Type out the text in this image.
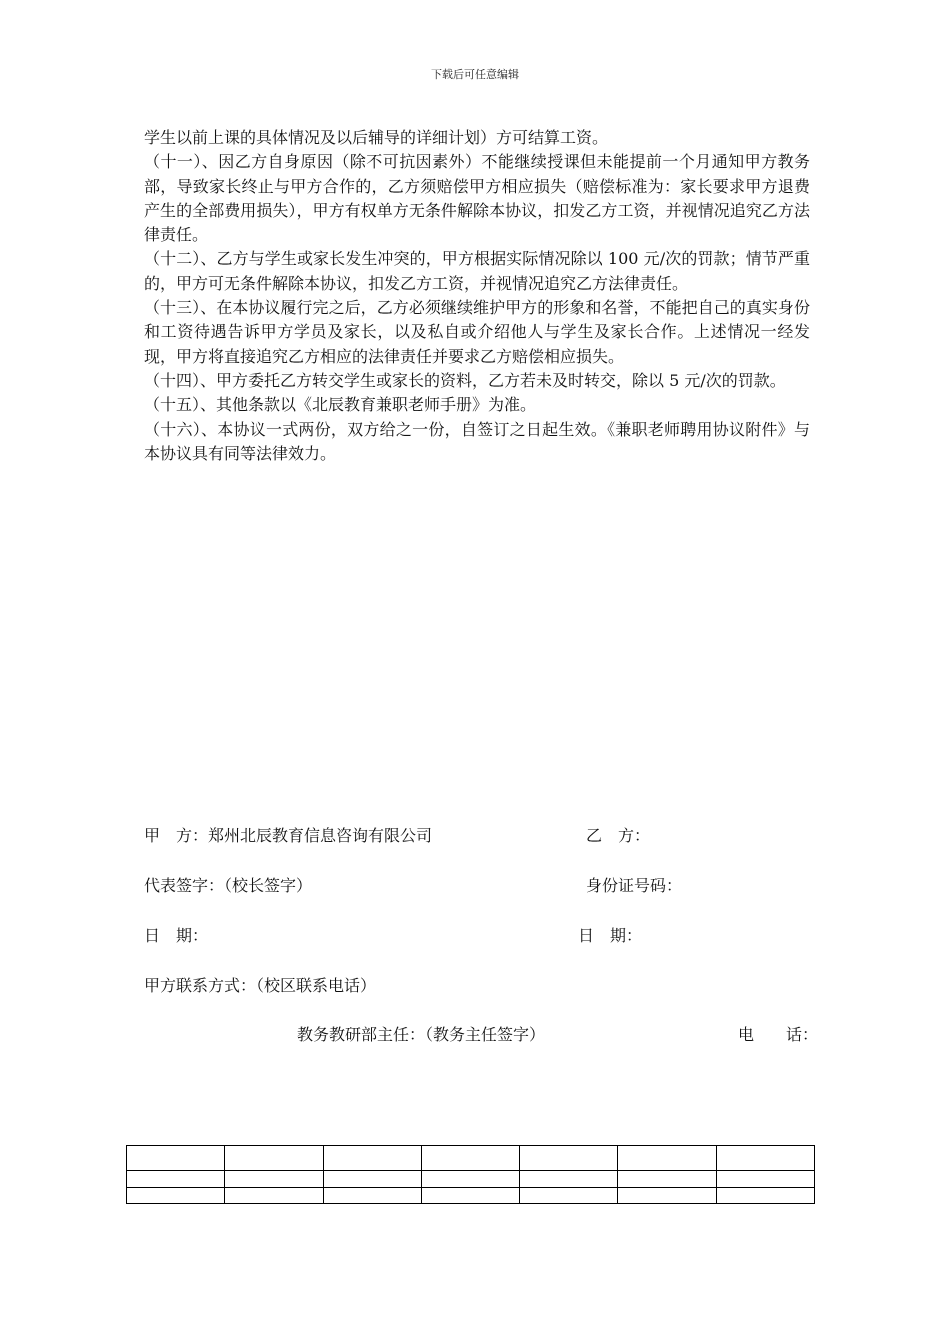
下载后可任意编辑

学生以前上课的具体情况及以后辅导的详细计划）方可结算工资。

（十一）、因乙方自身原因（除不可抗因素外）不能继续授课但未能提前一个月通知甲方教务部，导致家长终止与甲方合作的，乙方须赔偿甲方相应损失（赔偿标准为：家长要求甲方退费产生的全部费用损失），甲方有权单方无条件解除本协议，扣发乙方工资，并视情况追究乙方法律责任。

（十二）、乙方与学生或家长发生冲突的，甲方根据实际情况除以 100 元/次的罚款；情节严重的，甲方可无条件解除本协议，扣发乙方工资，并视情况追究乙方法律责任。

（十三）、在本协议履行完之后，乙方必须继续维护甲方的形象和名誉，不能把自己的真实身份和工资待遇告诉甲方学员及家长，以及私自或介绍他人与学生及家长合作。上述情况一经发现，甲方将直接追究乙方相应的法律责任并要求乙方赔偿相应损失。

（十四）、甲方委托乙方转交学生或家长的资料，乙方若未及时转交，除以 5 元/次的罚款。

（十五）、其他条款以《北辰教育兼职老师手册》为准。

（十六）、本协议一式两份，双方给之一份，自签订之日起生效。《兼职老师聘用协议附件》与本协议具有同等法律效力。

甲　方：郑州北辰教育信息咨询有限公司	乙　方：
代表签字：（校长签字）	身份证号码：
日　期：	日　期：
甲方联系方式：（校区联系电话）
教务教研部主任：（教务主任签字）	电　　话：
